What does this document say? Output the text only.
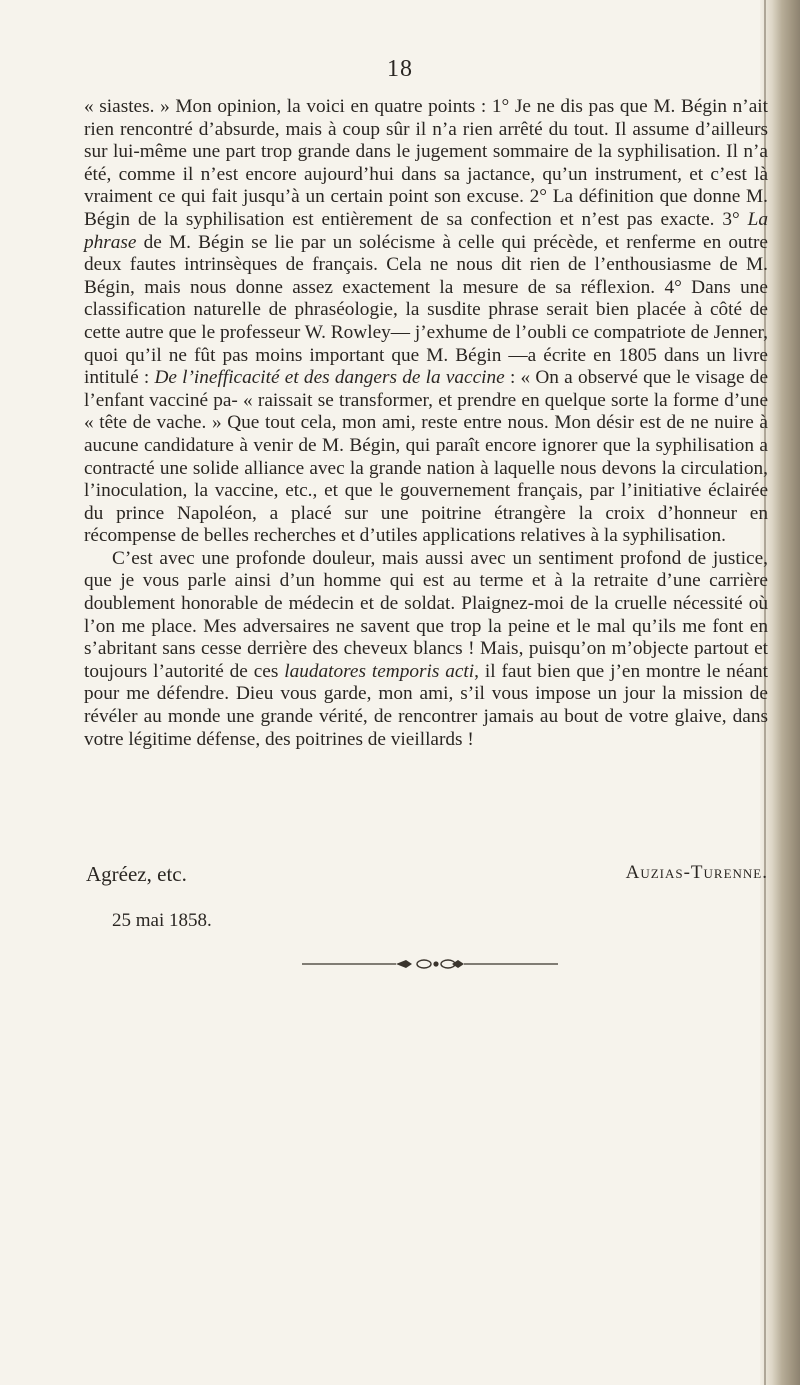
18

« siastes. » Mon opinion, la voici en quatre points : 1° Je ne dis pas que M. Bégin n’ait rien rencontré d’absurde, mais à coup sûr il n’a rien arrêté du tout. Il assume d’ailleurs sur lui-même une part trop grande dans le jugement sommaire de la syphilisation. Il n’a été, comme il n’est encore aujourd’hui dans sa jactance, qu’un instrument, et c’est là vraiment ce qui fait jusqu’à un certain point son excuse. 2° La définition que donne M. Bégin de la syphilisation est entièrement de sa confection et n’est pas exacte. 3° La phrase de M. Bégin se lie par un solécisme à celle qui précède, et renferme en outre deux fautes intrinsèques de français. Cela ne nous dit rien de l’enthousiasme de M. Bégin, mais nous donne assez exactement la mesure de sa réflexion. 4° Dans une classification naturelle de phraséologie, la susdite phrase serait bien placée à côté de cette autre que le professeur W. Rowley— j’exhume de l’oubli ce compatriote de Jenner, quoi qu’il ne fût pas moins important que M. Bégin —a écrite en 1805 dans un livre intitulé : De l’inefficacité et des dangers de la vaccine : « On a observé que le visage de l’enfant vacciné pa- « raissait se transformer, et prendre en quelque sorte la forme d’une « tête de vache. » Que tout cela, mon ami, reste entre nous. Mon désir est de ne nuire à aucune candidature à venir de M. Bégin, qui paraît encore ignorer que la syphilisation a contracté une solide alliance avec la grande nation à laquelle nous devons la circulation, l’inoculation, la vaccine, etc., et que le gouvernement français, par l’initiative éclairée du prince Napoléon, a placé sur une poitrine étrangère la croix d’honneur en récompense de belles recherches et d’utiles applications relatives à la syphilisation.

C’est avec une profonde douleur, mais aussi avec un sentiment profond de justice, que je vous parle ainsi d’un homme qui est au terme et à la retraite d’une carrière doublement honorable de médecin et de soldat. Plaignez-moi de la cruelle nécessité où l’on me place. Mes adversaires ne savent que trop la peine et le mal qu’ils me font en s’abritant sans cesse derrière des cheveux blancs ! Mais, puisqu’on m’objecte partout et toujours l’autorité de ces laudatores temporis acti, il faut bien que j’en montre le néant pour me défendre. Dieu vous garde, mon ami, s’il vous impose un jour la mission de révéler au monde une grande vérité, de rencontrer jamais au bout de votre glaive, dans votre légitime défense, des poitrines de vieillards !

Agréez, etc.	Auzias-Turenne.
25 mai 1858.
